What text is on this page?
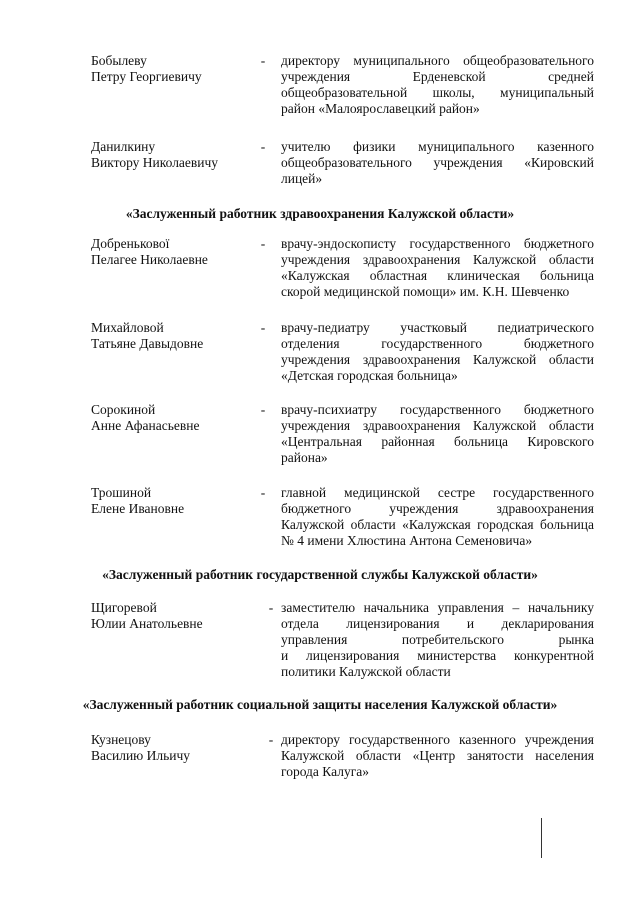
Бобылеву
Петру Георгиевичу
- директору муниципального общеобразовательного
учреждения Ерденевской средней
общеобразовательной школы, муниципальный
район «Малоярославецкий район»
Данилкину
Виктору Николаевичу
- учителю физики муниципального казенного
общеобразовательного учреждения «Кировский
лицей»
«Заслуженный работник здравоохранения Калужской области»
Добренькової
Пелагее Николаевне
- врачу-эндоскописту государственного бюджетного
учреждения здравоохранения Калужской области
«Калужская областная клиническая больница
скорой медицинской помощи» им. К.Н. Шевченко
Михайловой
Татьяне Давыдовне
- врачу-педиатру участковый педиатрического
отделения государственного бюджетного
учреждения здравоохранения Калужской области
«Детская городская больница»
Сорокиной
Анне Афанасьевне
- врачу-психиатру государственного бюджетного
учреждения здравоохранения Калужской области
«Центральная районная больница Кировского
района»
Трошиной
Елене Ивановне
- главной медицинской сестре государственного
бюджетного учреждения здравоохранения
Калужской области «Калужская городская больница
№ 4 имени Хлюстина Антона Семеновича»
«Заслуженный работник государственной службы Калужской области»
Щигоревой
Юлии Анатольевне
- заместителю начальника управления – начальнику
отдела лицензирования и декларирования
управления потребительского рынка
и лицензирования министерства конкурентной
политики Калужской области
«Заслуженный работник социальной защиты населения Калужской области»
Кузнецову
Василию Ильичу
- директору государственного казенного учреждения
Калужской области «Центр занятости населения
города Калуга»
